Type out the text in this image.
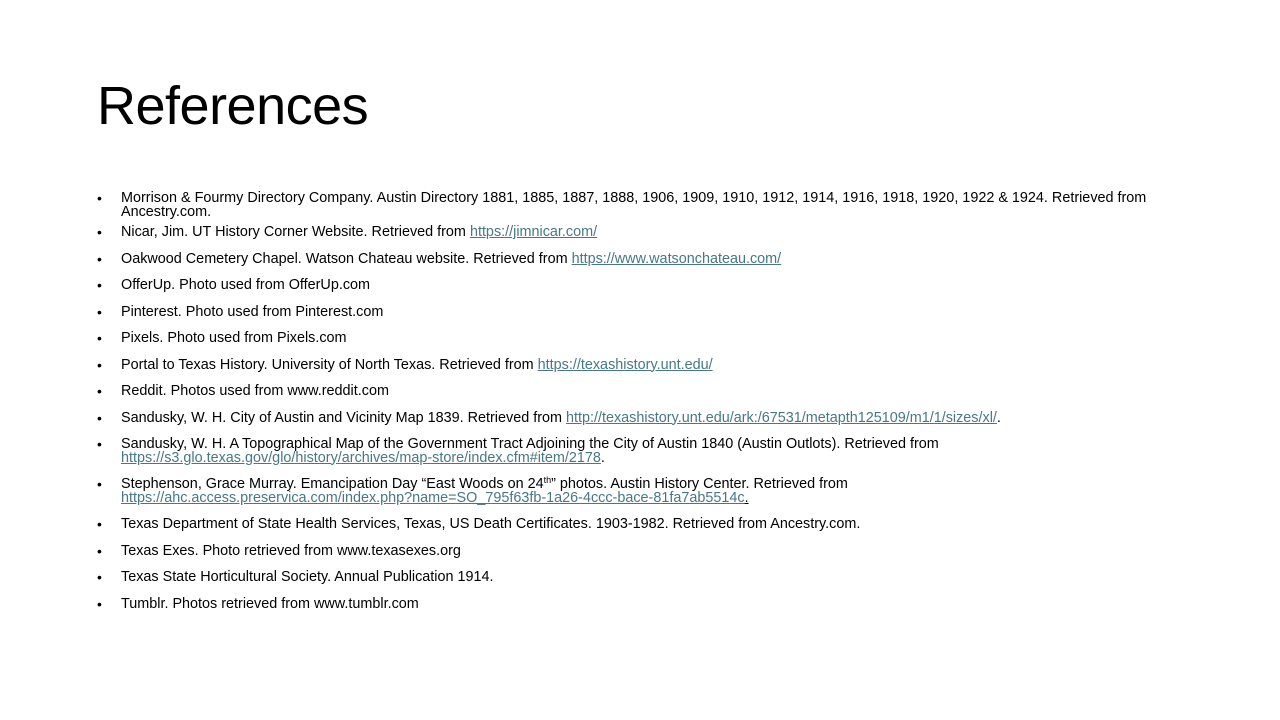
References
• Morrison & Fourmy Directory Company. Austin Directory 1881, 1885, 1887, 1888, 1906, 1909, 1910, 1912, 1914, 1916, 1918, 1920, 1922 & 1924. Retrieved from Ancestry.com.
• Nicar, Jim. UT History Corner Website. Retrieved from https://jimnicar.com/
• Oakwood Cemetery Chapel. Watson Chateau website. Retrieved from https://www.watsonchateau.com/
• OfferUp. Photo used from OfferUp.com
• Pinterest. Photo used from Pinterest.com
• Pixels. Photo used from Pixels.com
• Portal to Texas History. University of North Texas. Retrieved from https://texashistory.unt.edu/
• Reddit. Photos used from www.reddit.com
• Sandusky, W. H. City of Austin and Vicinity Map 1839. Retrieved from http://texashistory.unt.edu/ark:/67531/metapth125109/m1/1/sizes/xl/.
• Sandusky, W. H. A Topographical Map of the Government Tract Adjoining the City of Austin 1840 (Austin Outlots). Retrieved from https://s3.glo.texas.gov/glo/history/archives/map-store/index.cfm#item/2178.
• Stephenson, Grace Murray. Emancipation Day “East Woods on 24th” photos. Austin History Center. Retrieved from https://ahc.access.preservica.com/index.php?name=SO_795f63fb-1a26-4ccc-bace-81fa7ab5514c.
• Texas Department of State Health Services, Texas, US Death Certificates. 1903-1982. Retrieved from Ancestry.com.
• Texas Exes. Photo retrieved from www.texasexes.org
• Texas State Horticultural Society. Annual Publication 1914.
• Tumblr. Photos retrieved from www.tumblr.com
